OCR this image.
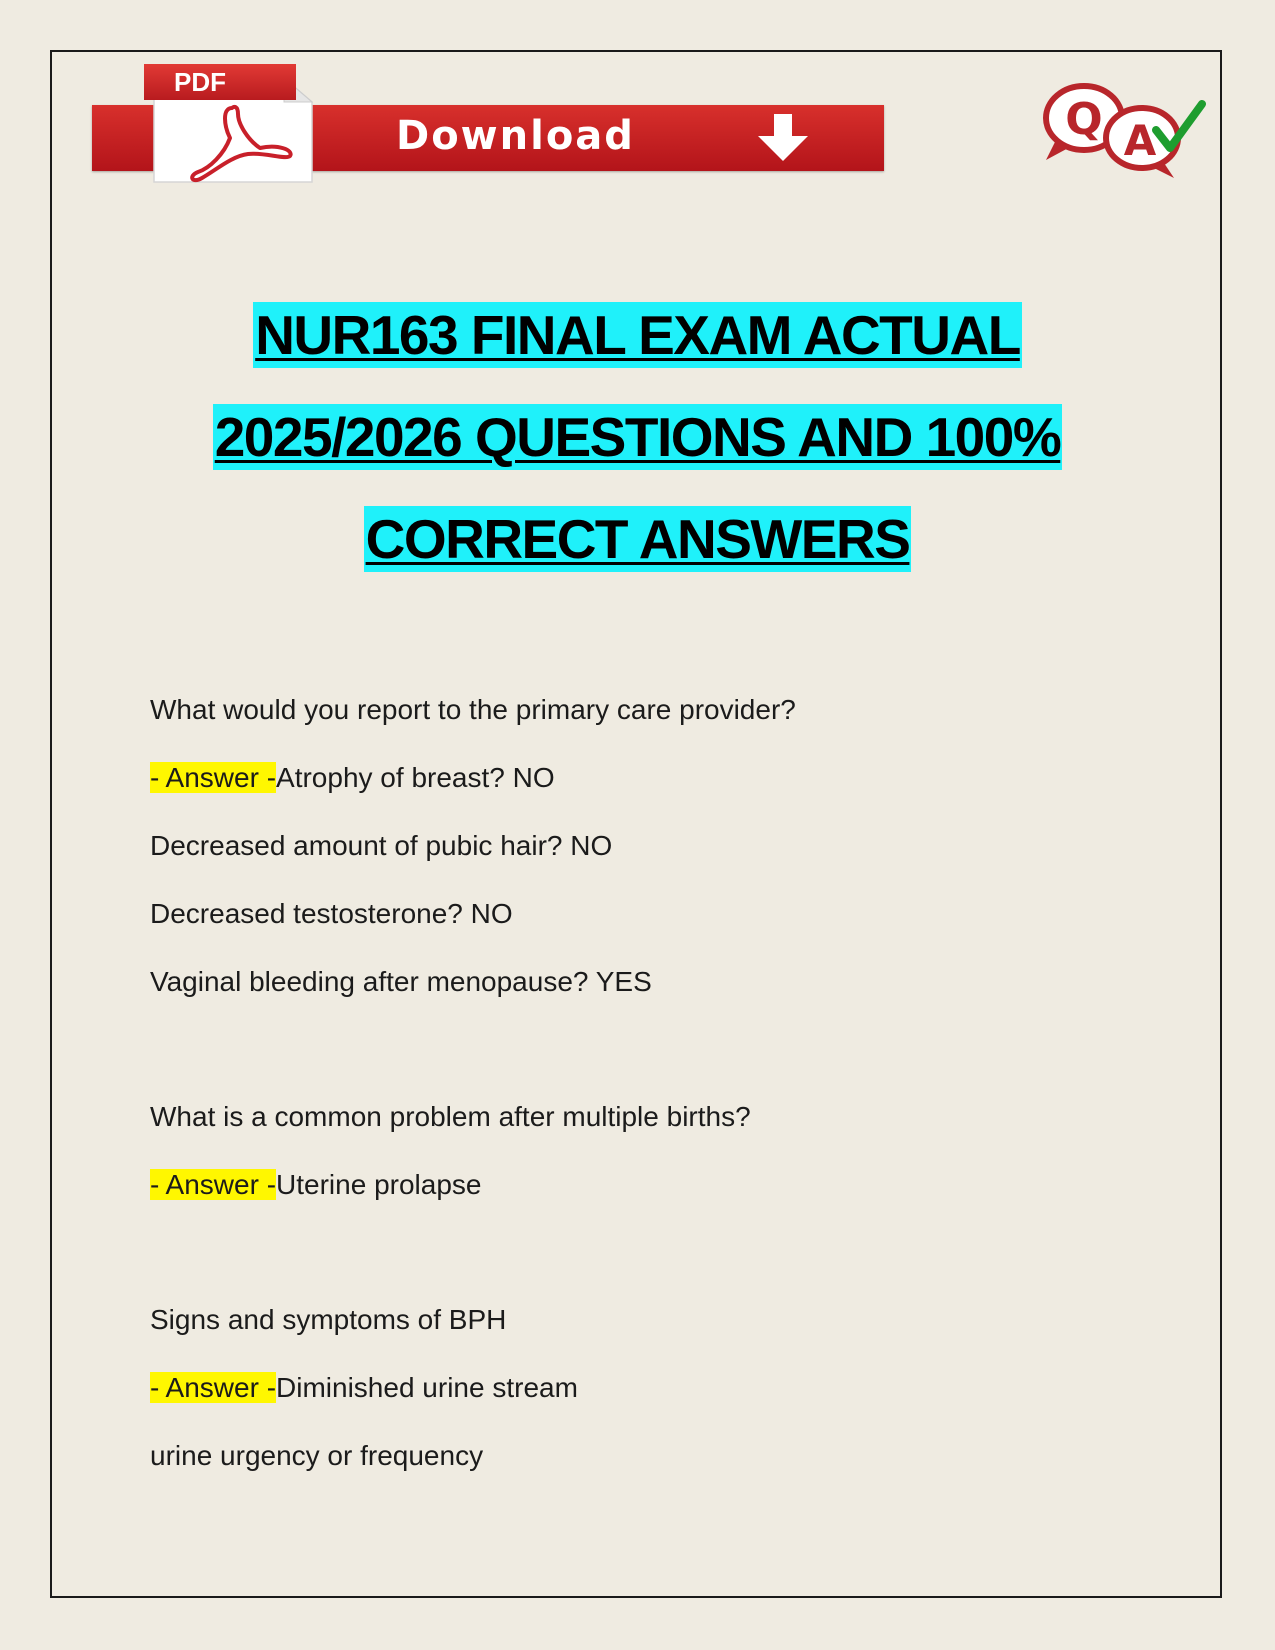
Download
PDF
Q A
NUR163 FINAL EXAM ACTUAL
2025/2026 QUESTIONS AND 100%
CORRECT ANSWERS
What would you report to the primary care provider?
- Answer -Atrophy of breast? NO
Decreased amount of pubic hair? NO
Decreased testosterone? NO
Vaginal bleeding after menopause? YES
What is a common problem after multiple births?
- Answer -Uterine prolapse
Signs and symptoms of BPH
- Answer -Diminished urine stream
urine urgency or frequency
